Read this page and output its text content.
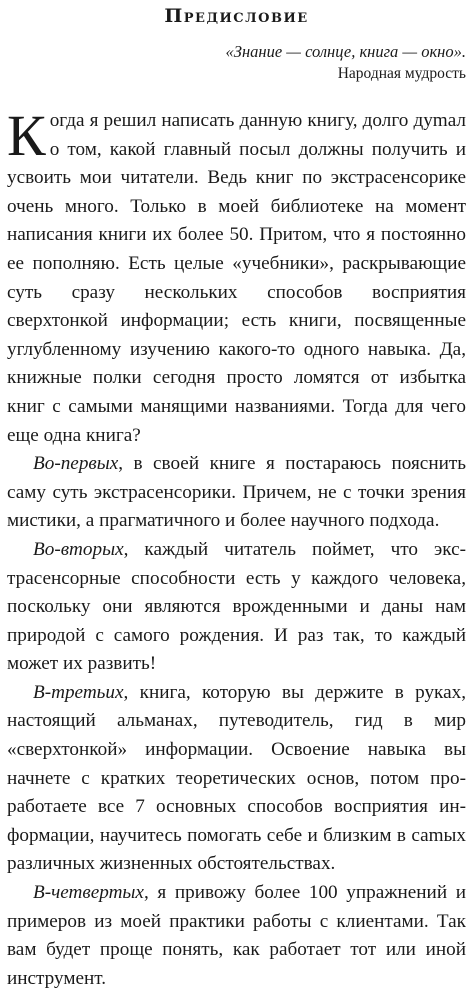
Предисловие
«Знание — солнце, книга — окно».
Народная мудрость

Когда я решил написать данную книгу, долго дуmал о том, какой главный посыл должны получить и усвоить мои читатели. Ведь книг по экстрасенсорике очень много. Только в моей библиотеке на момент написания книги их более 50. Притом, что я постоянно ее пополняю. Есть целые «учебники», раскрывающие суть сразу нескольких способов восприятия сверхтонкой информации; есть книги, посвященные углубленному изучению какого-то одного навыка. Да, книжные полки сегодня просто ломятся от избытка книг с самыми манящими названиями. Тогда для чего еще одна книга?

Во-первых, в своей книге я постараюсь пояснить саму суть экстрасенсорики. Причем, не с точки зрения мистики, а прагматичного и более научного подхода.

Во-вторых, каждый читатель поймет, что экстрасенсорные способности есть у каждого человека, поскольку они являются врожденными и даны нам природой с самого рождения. И раз так, то каждый может их развить!

В-третьих, книга, которую вы держите в руках, настоящий альманах, путеводитель, гид в мир «сверхтонкой» информации. Освоение навыка вы начнете с кратких теоретических основ, потом проработаете все 7 основных способов восприятия информации, научитесь помогать себе и близким в саmых различных жизненных обстоятельствах.

В-четвертых, я привожу более 100 упражнений и примеров из моей практики работы с клиентами. Так вам будет проще понять, как работает тот или иной инструмент.
